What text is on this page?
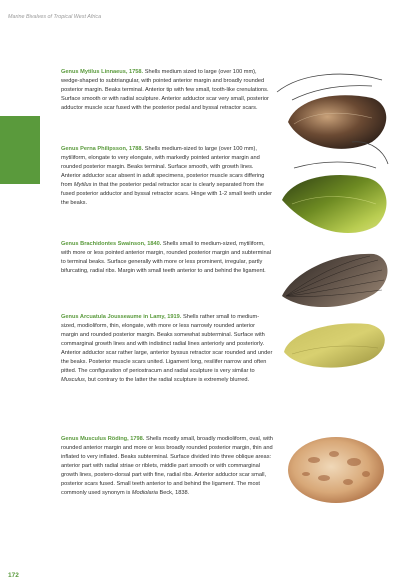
Marine Bivalves of Tropical West Africa
Genus Mytilus Linnaeus, 1758. Shells medium sized to large (over 100 mm), wedge-shaped to subtriangular, with pointed anterior margin and broadly rounded posterior margin. Beaks terminal. Anterior tip with few small, tooth-like crenulations. Surface smooth or with radial sculpture. Anterior adductor scar very small, posterior adductor muscle scar fused with the posterior pedal and byssal retractor scars.
Genus Perna Philipsson, 1788. Shells medium-sized to large (over 100 mm), mytiliform, elongate to very elongate, with markedly pointed anterior margin and rounded posterior margin. Beaks terminal. Surface smooth, with growth lines. Anterior adductor scar absent in adult specimens, posterior muscle scars differing from Mytilus in that the posterior pedal retractor scar is clearly separated from the fused posterior adductor and byssal retractor scars. Hinge with 1-2 small teeth under the beaks.
Genus Brachidontes Swainson, 1840. Shells small to medium-sized, mytiliform, with more or less pointed anterior margin, rounded posterior margin and subterminal to terminal beaks. Surface generally with more or less prominent, irregular, partly bifurcating, radial ribs. Margin with small teeth anterior to and behind the ligament.
Genus Arcuatula Jousseaume in Lamy, 1919. Shells rather small to medium-sized, modioliform, thin, elongate, with more or less narrowly rounded anterior margin and rounded posterior margin. Beaks somewhat subterminal. Surface with commarginal growth lines and with indistinct radial lines anteriorly and posteriorly. Anterior adductor scar rather large, anterior byssus retractor scar rounded and under the beaks. Posterior muscle scars united. Ligament long, resilifer narrow and often pitted. The configuration of periostracum and radial sculpture is very similar to Musculus, but contrary to the latter the radial sculpture is extremely blurred.
Genus Musculus Röding, 1798. Shells mostly small, broadly modioliform, oval, with rounded anterior margin and more or less broadly rounded posterior margin, thin and inflated to very inflated. Beaks subterminal. Surface divided into three oblique areas: anterior part with radial striae or riblets, middle part smooth or with commarginal growth lines, postero-dorsal part with fine, radial ribs. Anterior adductor scar small, posterior scars fused. Small teeth anterior to and behind the ligament. The most commonly used synonym is Modiolaria Beck, 1838.
172
